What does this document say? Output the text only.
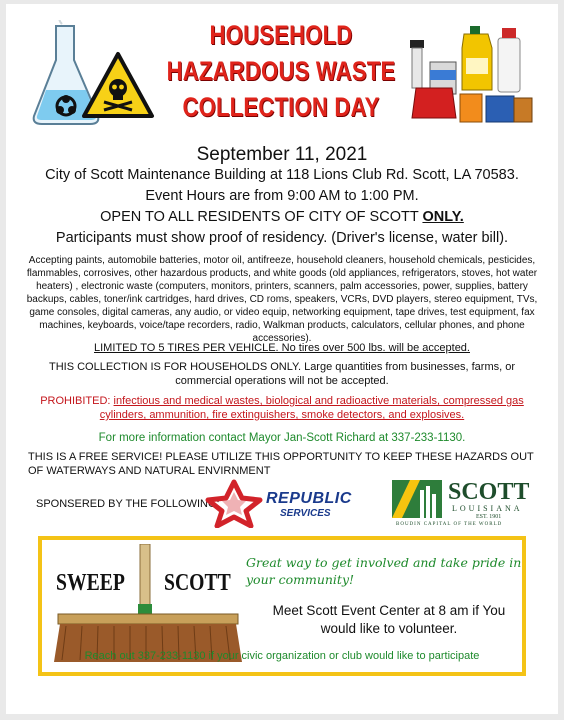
HOUSEHOLD
HAZARDOUS WASTE
COLLECTION DAY
September 11, 2021
City of Scott Maintenance Building at 118 Lions Club Rd. Scott, LA 70583.
Event Hours are from 9:00 AM to 1:00 PM.
OPEN TO ALL RESIDENTS OF CITY OF SCOTT ONLY.
Participants must show proof of residency. (Driver's license, water bill).
Accepting paints, automobile batteries, motor oil, antifreeze, household cleaners, household chemicals, pesticides, flammables, corrosives, other hazardous products, and white goods (old appliances, refrigerators, stoves, hot water heaters) , electronic waste (computers, monitors, printers, scanners, palm accessories, power, supplies, battery backups, cables, toner/ink cartridges, hard drives, CD roms, speakers, VCRs, DVD players, stereo equipment, TVs, game consoles, digital cameras, any audio, or video equip, networking equipment, tape drives, test equipment, fax machines, keyboards, voice/tape recorders, radio, Walkman products, calculators, cellular phones, and phone accessories).
LIMITED TO 5 TIRES PER VEHICLE. No tires over 500 lbs. will be accepted.
THIS COLLECTION IS FOR HOUSEHOLDS ONLY. Large quantities from businesses, farms, or commercial operations will not be accepted.
PROHIBITED: infectious and medical wastes, biological and radioactive materials, compressed gas cylinders, ammunition, fire extinguishers, smoke detectors, and explosives.
For more information contact Mayor Jan-Scott Richard at 337-233-1130.
THIS IS A FREE SERVICE! PLEASE UTILIZE THIS OPPORTUNITY TO KEEP THESE HAZARDS OUT OF WATERWAYS AND NATURAL ENVIRNMENT
SPONSERED BY THE FOLLOWING:	REPUBLIC
SERVICES
SCOTT
LOUISIANA
EST. 1901
BOUDIN CAPITAL OF THE WORLD
SWEEP SCOTT
Great way to get involved and take pride in your community!
Meet Scott Event Center at 8 am if You would like to volunteer.
Reach out 337-233-1130 if your civic organization or club would like to participate
